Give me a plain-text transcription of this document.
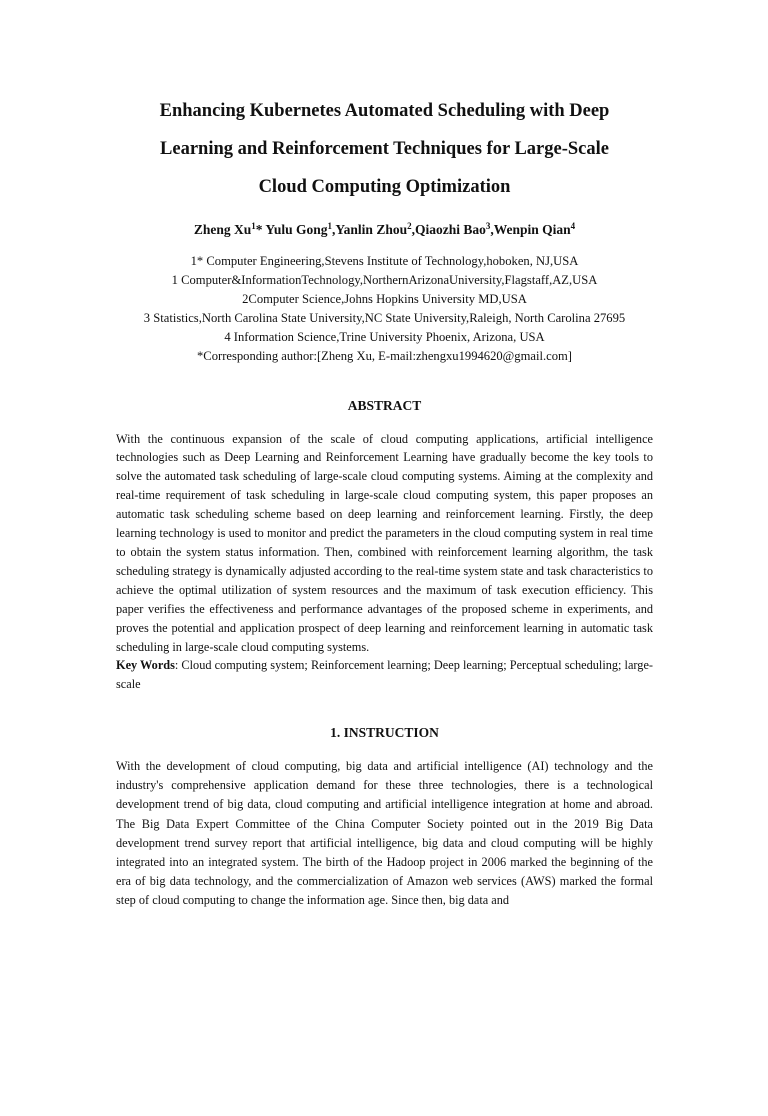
Enhancing Kubernetes Automated Scheduling with Deep
Learning and Reinforcement Techniques for Large-Scale
Cloud Computing Optimization
Zheng Xu$^1$* Yulu Gong$^1$,Yanlin Zhou$^2$,Qiaozhi Bao$^3$,Wenpin Qian$^4$
1* Computer Engineering,Stevens Institute of Technology,hoboken, NJ,USA
1 Computer&InformationTechnology,NorthernArizonaUniversity,Flagstaff,AZ,USA
2Computer Science,Johns Hopkins University MD,USA
3 Statistics,North Carolina State University,NC State University,Raleigh, North Carolina 27695
4 Information Science,Trine University Phoenix, Arizona, USA
*Corresponding author:[Zheng Xu, E-mail:zhengxu1994620@gmail.com]
ABSTRACT

With the continuous expansion of the scale of cloud computing applications, artificial intelligence technologies such as Deep Learning and Reinforcement Learning have gradually become the key tools to solve the automated task scheduling of large-scale cloud computing systems. Aiming at the complexity and real-time requirement of task scheduling in large-scale cloud computing system, this paper proposes an automatic task scheduling scheme based on deep learning and reinforcement learning. Firstly, the deep learning technology is used to monitor and predict the parameters in the cloud computing system in real time to obtain the system status information. Then, combined with reinforcement learning algorithm, the task scheduling strategy is dynamically adjusted according to the real-time system state and task characteristics to achieve the optimal utilization of system resources and the maximum of task execution efficiency. This paper verifies the effectiveness and performance advantages of the proposed scheme in experiments, and proves the potential and application prospect of deep learning and reinforcement learning in automatic task scheduling in large-scale cloud computing systems.

Key Words: Cloud computing system; Reinforcement learning; Deep learning; Perceptual scheduling; large-scale

1. INSTRUCTION

With the development of cloud computing, big data and artificial intelligence (AI) technology and the industry's comprehensive application demand for these three technologies, there is a technological development trend of big data, cloud computing and artificial intelligence integration at home and abroad. The Big Data Expert Committee of the China Computer Society pointed out in the 2019 Big Data development trend survey report that artificial intelligence, big data and cloud computing will be highly integrated into an integrated system. The birth of the Hadoop project in 2006 marked the beginning of the era of big data technology, and the commercialization of Amazon web services (AWS) marked the formal step of cloud computing to change the information age. Since then, big data and
